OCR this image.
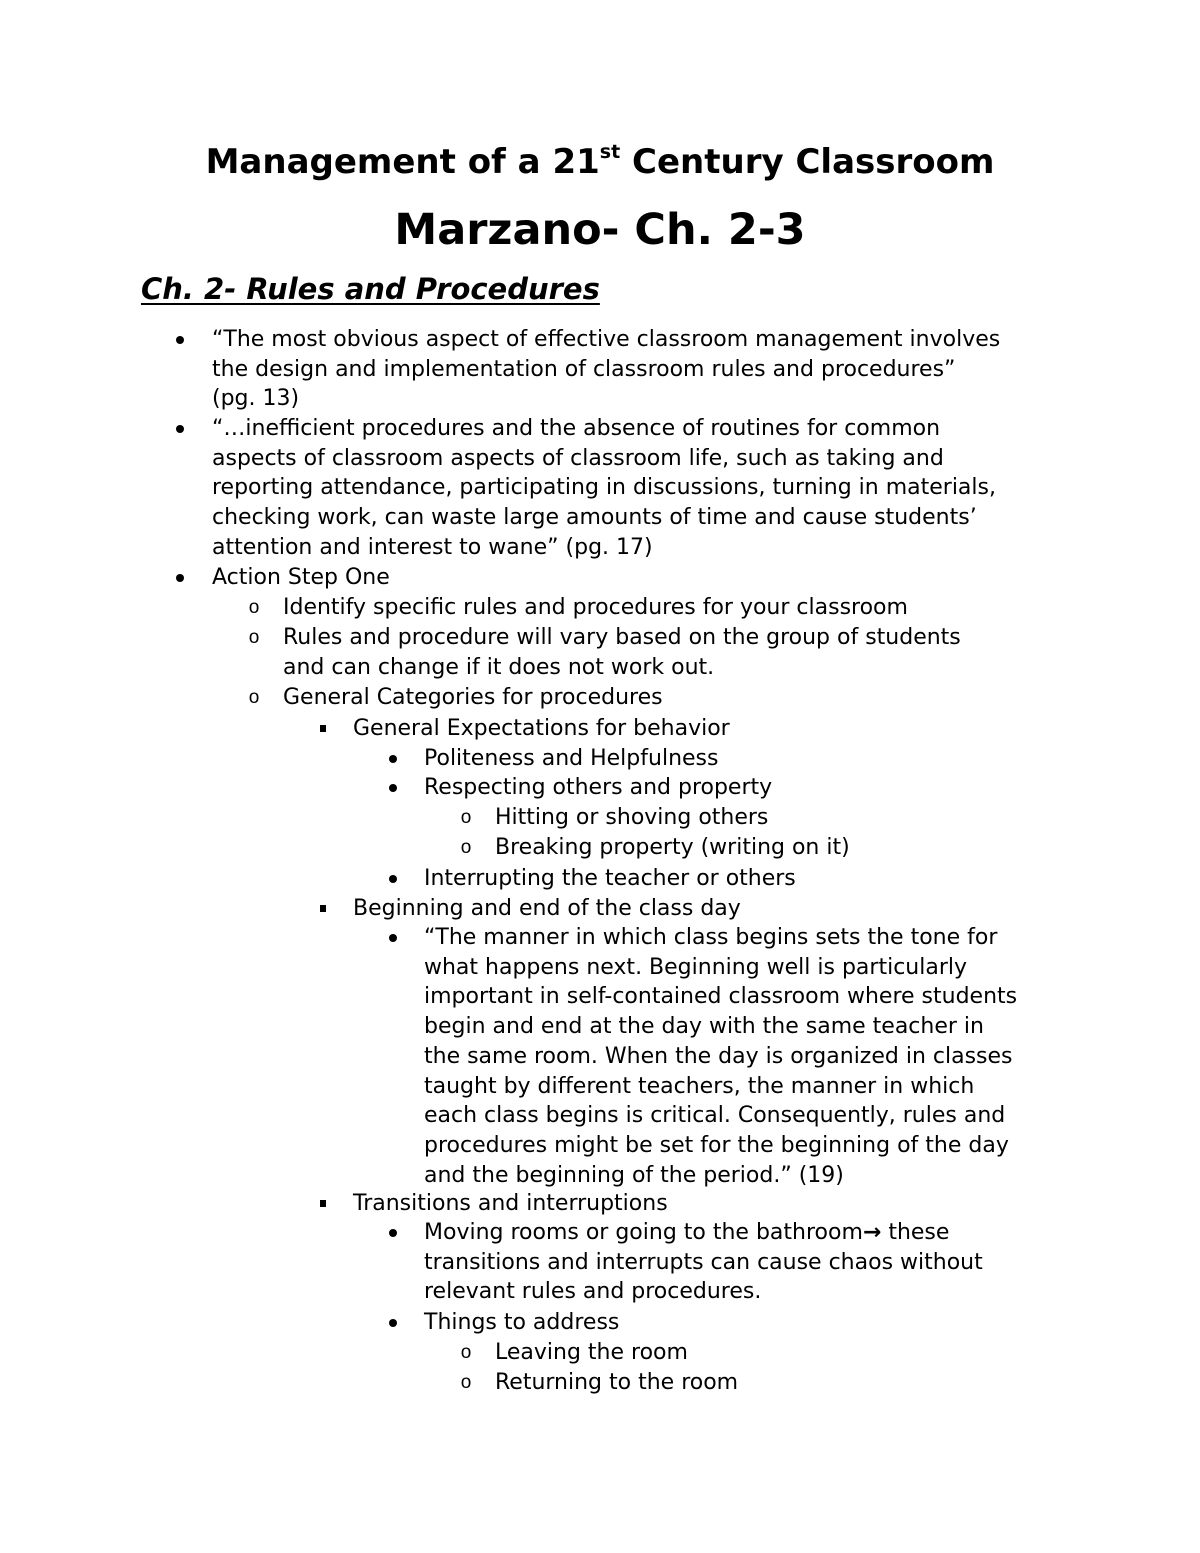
Management of a 21st Century Classroom
Marzano- Ch. 2-3
Ch. 2- Rules and Procedures
“The most obvious aspect of effective classroom management involves
the design and implementation of classroom rules and procedures”
(pg. 13)
“…inefficient procedures and the absence of routines for common
aspects of classroom aspects of classroom life, such as taking and
reporting attendance, participating in discussions, turning in materials,
checking work, can waste large amounts of time and cause students’
attention and interest to wane” (pg. 17)
Action Step One
o Identify specific rules and procedures for your classroom
o Rules and procedure will vary based on the group of students
and can change if it does not work out.
o General Categories for procedures
General Expectations for behavior
Politeness and Helpfulness
Respecting others and property
o Hitting or shoving others
o Breaking property (writing on it)
Interrupting the teacher or others
Beginning and end of the class day
“The manner in which class begins sets the tone for
what happens next. Beginning well is particularly
important in self-contained classroom where students
begin and end at the day with the same teacher in
the same room. When the day is organized in classes
taught by different teachers, the manner in which
each class begins is critical. Consequently, rules and
procedures might be set for the beginning of the day
and the beginning of the period.” (19)
Transitions and interruptions
Moving rooms or going to the bathroom→ these
transitions and interrupts can cause chaos without
relevant rules and procedures.
Things to address
o Leaving the room
o Returning to the room
